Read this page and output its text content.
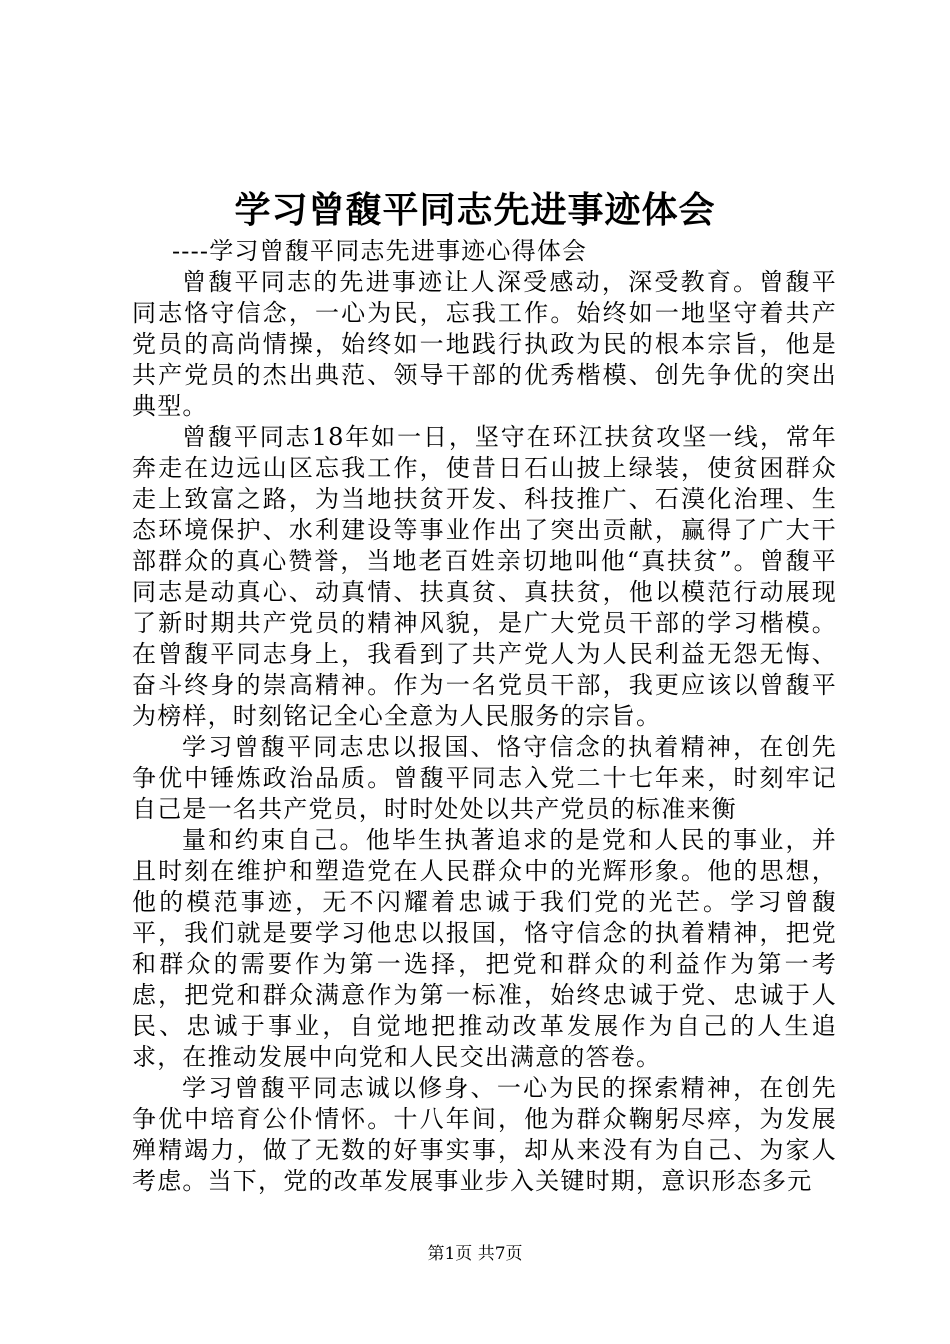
学习曾馥平同志先进事迹体会

----学习曾馥平同志先进事迹心得体会

曾馥平同志的先进事迹让人深受感动，深受教育。曾馥平同志恪守信念，一心为民，忘我工作。始终如一地坚守着共产党员的高尚情操，始终如一地践行执政为民的根本宗旨，他是共产党员的杰出典范、领导干部的优秀楷模、创先争优的突出典型。

曾馥平同志18年如一日，坚守在环江扶贫攻坚一线，常年奔走在边远山区忘我工作，使昔日石山披上绿装，使贫困群众走上致富之路，为当地扶贫开发、科技推广、石漠化治理、生态环境保护、水利建设等事业作出了突出贡献，赢得了广大干部群众的真心赞誉，当地老百姓亲切地叫他“真扶贫”。曾馥平同志是动真心、动真情、扶真贫、真扶贫，他以模范行动展现了新时期共产党员的精神风貌，是广大党员干部的学习楷模。在曾馥平同志身上，我看到了共产党人为人民利益无怨无悔、奋斗终身的崇高精神。作为一名党员干部，我更应该以曾馥平为榜样，时刻铭记全心全意为人民服务的宗旨。

学习曾馥平同志忠以报国、恪守信念的执着精神，在创先争优中锤炼政治品质。曾馥平同志入党二十七年来，时刻牢记自己是一名共产党员，时时处处以共产党员的标准来衡

量和约束自己。他毕生执著追求的是党和人民的事业，并且时刻在维护和塑造党在人民群众中的光辉形象。他的思想，他的模范事迹，无不闪耀着忠诚于我们党的光芒。学习曾馥平，我们就是要学习他忠以报国，恪守信念的执着精神，把党和群众的需要作为第一选择，把党和群众的利益作为第一考虑，把党和群众满意作为第一标准，始终忠诚于党、忠诚于人民、忠诚于事业，自觉地把推动改革发展作为自己的人生追求，在推动发展中向党和人民交出满意的答卷。

学习曾馥平同志诚以修身、一心为民的探索精神，在创先争优中培育公仆情怀。十八年间，他为群众鞠躬尽瘁，为发展殚精竭力，做了无数的好事实事，却从来没有为自己、为家人考虑。当下，党的改革发展事业步入关键时期，意识形态多元

第1页 共7页
